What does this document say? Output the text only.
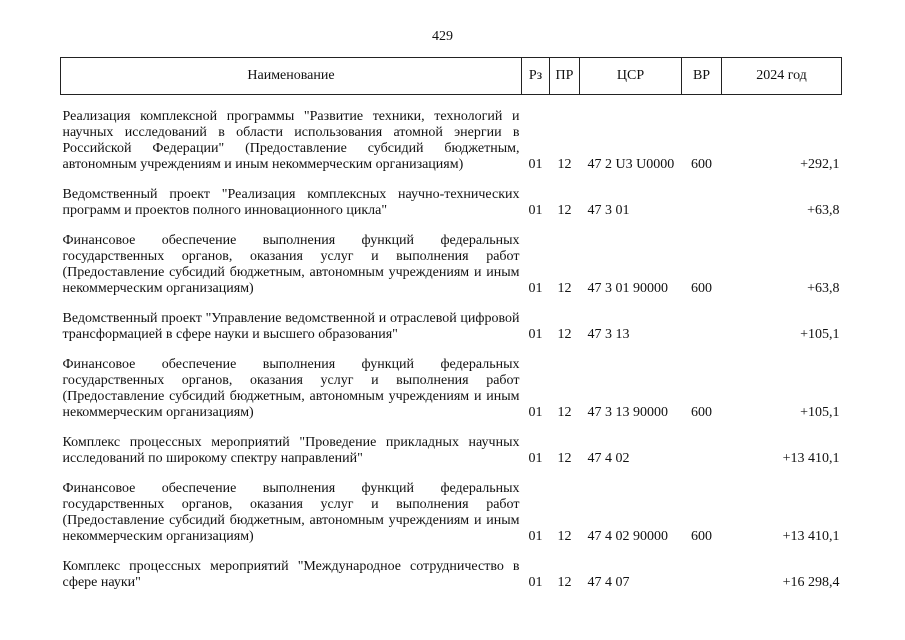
429
Наименование	Рз	ПР	ЦСР	ВР	2024 год

Реализация комплексной программы "Развитие техники, технологий и научных исследований в области использования атомной энергии в Российской Федерации" (Предоставление субсидий бюджетным, автономным учреждениям и иным некоммерческим организациям)	01	12	47 2 U3 U0000	600	+292,1

Ведомственный проект "Реализация комплексных научно-технических программ и проектов полного инновационного цикла"	01	12	47 3 01		+63,8

Финансовое обеспечение выполнения функций федеральных государственных органов, оказания услуг и выполнения работ (Предоставление субсидий бюджетным, автономным учреждениям и иным некоммерческим организациям)	01	12	47 3 01 90000	600	+63,8

Ведомственный проект "Управление ведомственной и отраслевой цифровой трансформацией в сфере науки и высшего образования"	01	12	47 3 13		+105,1

Финансовое обеспечение выполнения функций федеральных государственных органов, оказания услуг и выполнения работ (Предоставление субсидий бюджетным, автономным учреждениям и иным некоммерческим организациям)	01	12	47 3 13 90000	600	+105,1

Комплекс процессных мероприятий "Проведение прикладных научных исследований по широкому спектру направлений"	01	12	47 4 02		+13 410,1

Финансовое обеспечение выполнения функций федеральных государственных органов, оказания услуг и выполнения работ (Предоставление субсидий бюджетным, автономным учреждениям и иным некоммерческим организациям)	01	12	47 4 02 90000	600	+13 410,1

Комплекс процессных мероприятий "Международное сотрудничество в сфере науки"	01	12	47 4 07		+16 298,4
